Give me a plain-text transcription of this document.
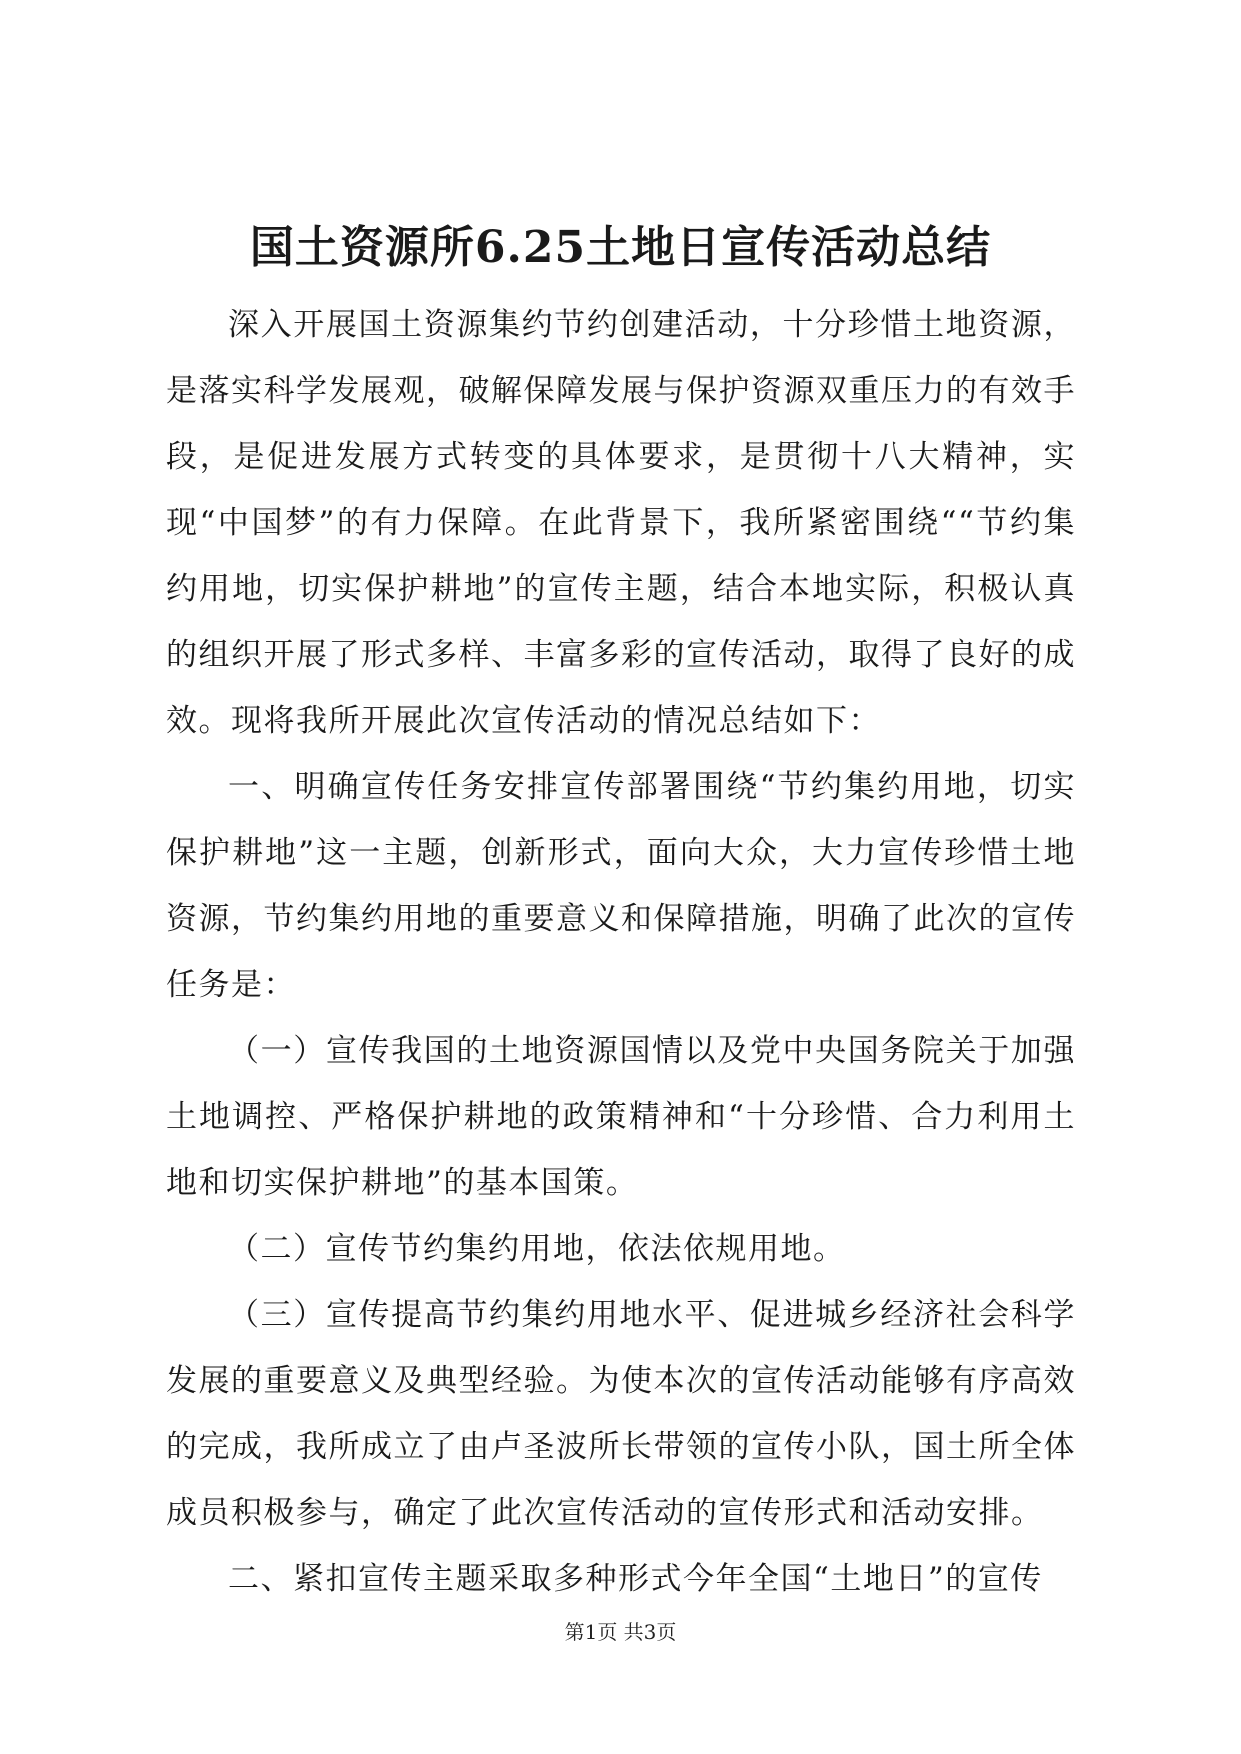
国土资源所6.25土地日宣传活动总结

深入开展国土资源集约节约创建活动，十分珍惜土地资源，是落实科学发展观，破解保障发展与保护资源双重压力的有效手段，是促进发展方式转变的具体要求，是贯彻十八大精神，实现“中国梦”的有力保障。在此背景下，我所紧密围绕““节约集约用地，切实保护耕地”的宣传主题，结合本地实际，积极认真的组织开展了形式多样、丰富多彩的宣传活动，取得了良好的成效。现将我所开展此次宣传活动的情况总结如下：

一、明确宣传任务安排宣传部署围绕“节约集约用地，切实保护耕地”这一主题，创新形式，面向大众，大力宣传珍惜土地资源，节约集约用地的重要意义和保障措施，明确了此次的宣传任务是：

（一）宣传我国的土地资源国情以及党中央国务院关于加强土地调控、严格保护耕地的政策精神和“十分珍惜、合力利用土地和切实保护耕地”的基本国策。

（二）宣传节约集约用地，依法依规用地。

（三）宣传提高节约集约用地水平、促进城乡经济社会科学发展的重要意义及典型经验。为使本次的宣传活动能够有序高效的完成，我所成立了由卢圣波所长带领的宣传小队，国土所全体成员积极参与，确定了此次宣传活动的宣传形式和活动安排。

二、紧扣宣传主题采取多种形式今年全国“土地日”的宣传

第1页 共3页
